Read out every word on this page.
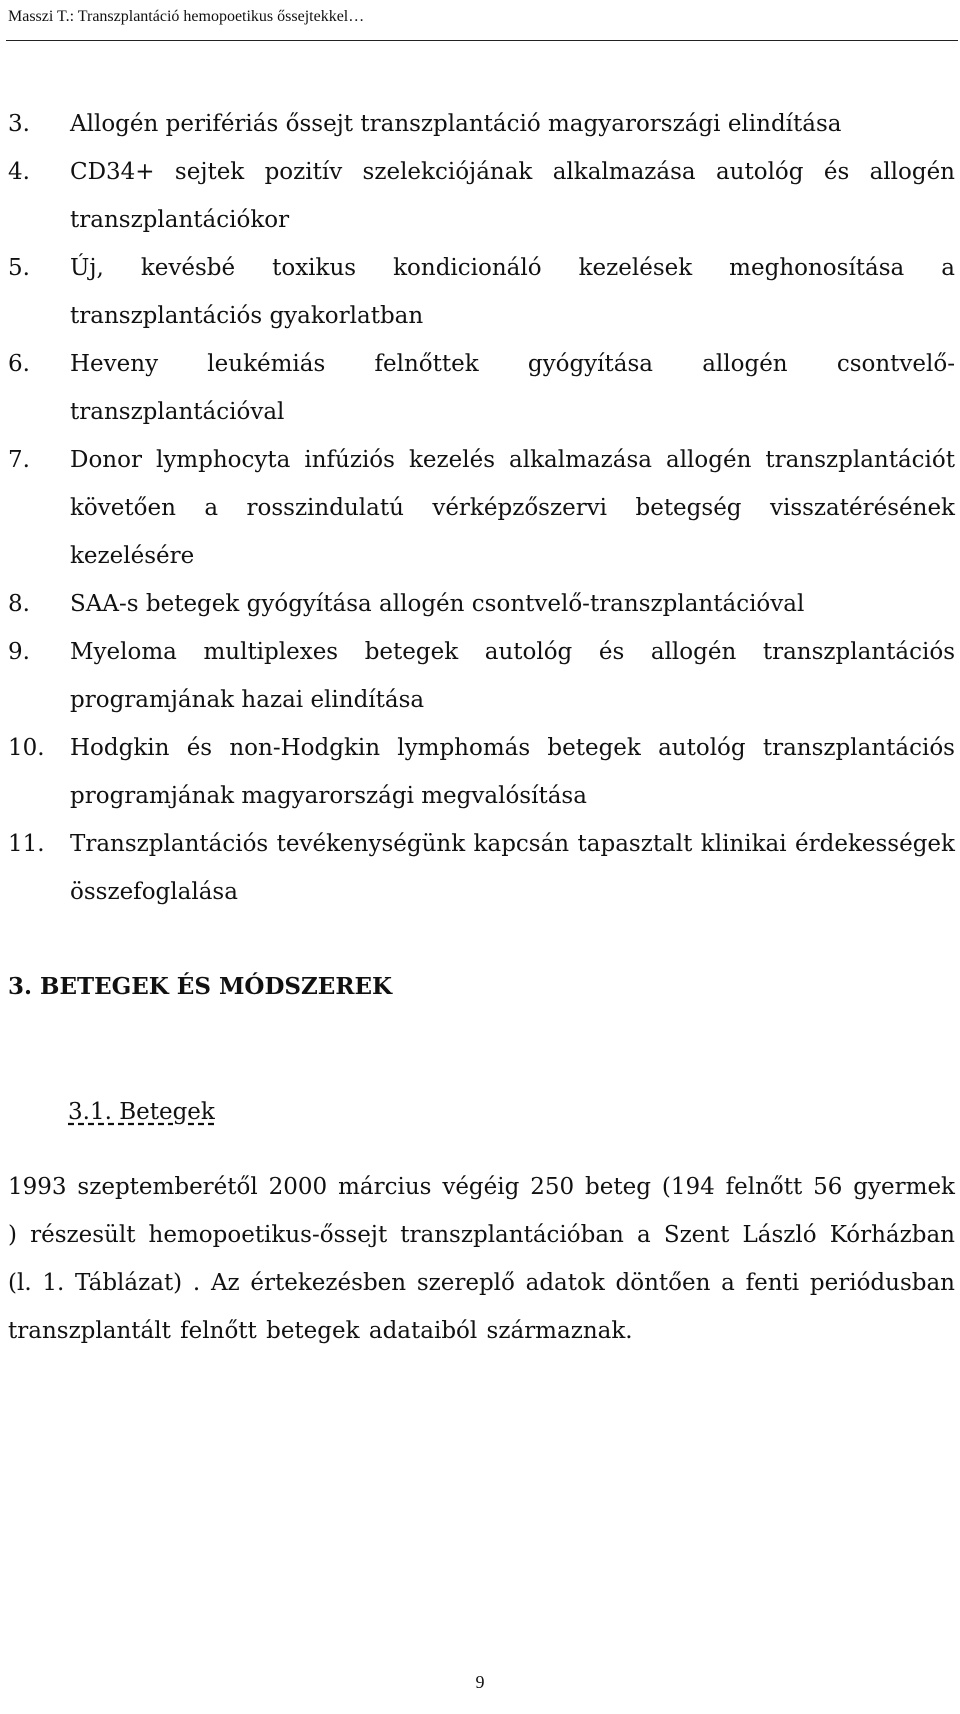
Masszi T.: Transzplantáció hemopoetikus őssejtekkel…
3. Allogén perifériás őssejt transzplantáció magyarországi elindítása
4. CD34+ sejtek pozitív szelekciójának alkalmazása autológ és allogén transzplantációkor
5. Új, kevésbé toxikus kondicionáló kezelések meghonosítása a transzplantációs gyakorlatban
6. Heveny leukémiás felnőttek gyógyítása allogén csontvelő-transzplantációval
7. Donor lymphocyta infúziós kezelés alkalmazása allogén transzplantációt követően a rosszindulatú vérképzőszervi betegség visszatérésének kezelésére
8. SAA-s betegek gyógyítása allogén csontvelő-transzplantációval
9. Myeloma multiplexes betegek autológ és allogén transzplantációs programjának hazai elindítása
10. Hodgkin és non-Hodgkin lymphomás betegek autológ transzplantációs programjának magyarországi megvalósítása
11. Transzplantációs tevékenységünk kapcsán tapasztalt klinikai érdekességek összefoglalása
3. BETEGEK ÉS MÓDSZEREK
3.1. Betegek

1993 szeptemberétől 2000 március végéig 250 beteg (194 felnőtt 56 gyermek ) részesült hemopoetikus-őssejt transzplantációban a Szent László Kórházban (l. 1. Táblázat) . Az értekezésben szereplő adatok döntően a fenti periódusban transzplantált felnőtt betegek adataiból származnak.

9
